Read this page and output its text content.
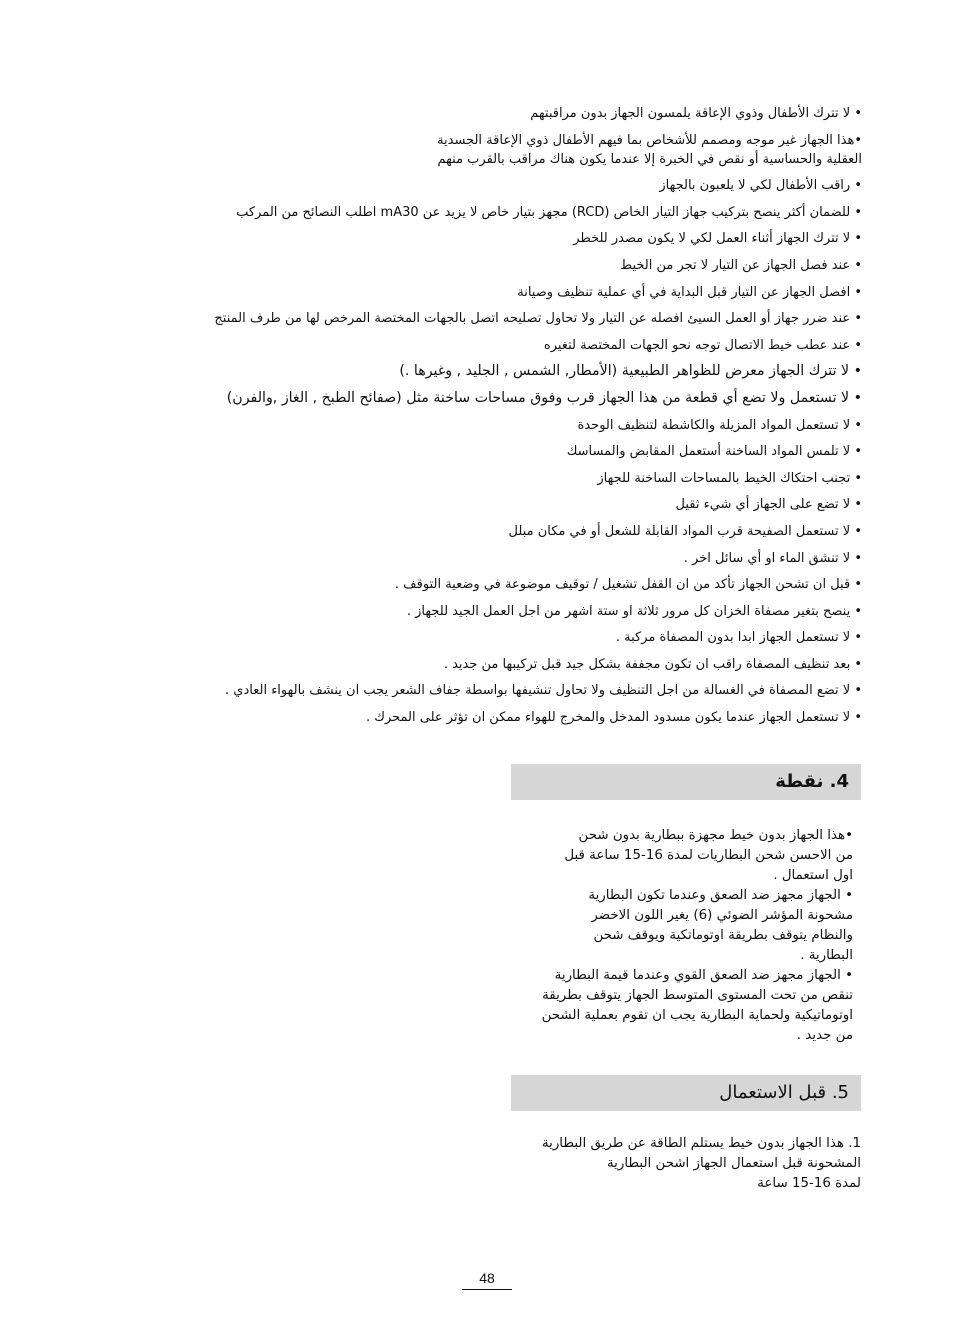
• لا تترك الأطفال وذوي الإعاقة يلمسون الجهاز بدون مراقبتهم
•هذا الجهاز غير موجه ومصمم للأشخاص بما فيهم الأطفال ذوي الإعاقة الجسدية
العقلية والحساسية أو نقص في الخبرة إلا عندما يكون هناك مراقب بالقرب منهم
• راقب الأطفال لكي لا يلعبون بالجهاز
• للضمان أكثر ينصح بتركيب جهاز التيار الخاص (RCD) مجهز بتيار خاص لا يزيد عن mA30 اطلب النصائح من المركب
• لا تترك الجهاز أثناء العمل لكي لا يكون مصدر للخطر
• عند فصل الجهاز عن التيار لا تجر من الخيط
• افصل الجهاز عن التيار قبل البداية في أي عملية تنظيف وصيانة
• عند ضرر جهاز أو العمل السيئ افصله عن التيار ولا تحاول تصليحه اتصل بالجهات المختصة المرخص لها من طرف المنتج
• عند عطب خيط الاتصال توجه نحو الجهات المختصة لتغيره
• لا تترك الجهاز معرض للظواهر الطبيعية (الأمطار, الشمس , الجليد , وغيرها .)
• لا تستعمل ولا تضع أي قطعة من هذا الجهاز قرب وفوق مساحات ساخنة مثل (صفائح الطبخ , الغاز ,والفرن)
• لا تستعمل المواد المزيلة والكاشطة لتنظيف الوحدة
• لا تلمس المواد الساخنة أستعمل المقابض والمساسك
• تجنب احتكاك الخيط بالمساحات الساخنة للجهاز
• لا تضع على الجهاز أي شيء ثقيل
• لا تستعمل الصفيحة قرب المواد القابلة للشعل أو في مكان مبلل
• لا تنشق الماء او أي سائل اخر .
• قبل ان تشحن الجهاز تأكد من ان القفل تشغيل / توقيف موضوعة في وضعية التوقف .
• ينصح بتغير مصفاة الخزان كل مرور ثلاثة او ستة اشهر من اجل العمل الجيد للجهاز .
• لا تستعمل الجهاز ابدا بدون المصفاة مركبة .
• بعد تنظيف المصفاة راقب ان تكون مجففة بشكل جيد قبل تركيبها من جديد .
• لا تضع المصفاة في الغسالة من اجل التنظيف ولا تحاول تنشيفها بواسطة جفاف الشعر يجب ان ينشف بالهواء العادي .
• لا تستعمل الجهاز عندما يكون مسدود المدخل والمخرج للهواء ممكن ان تؤثر على المحرك .
4. نقطة
•هذا الجهاز بدون خيط مجهزة ببطارية بدون شحن
من الاحسن شحن البطاريات لمدة 16-15 ساعة قبل
اول استعمال .
• الجهاز مجهز ضد الصعق وعندما تكون البطارية
مشحونة المؤشر الضوئي (6) يغير اللون الاخضر
والنظام يتوقف بطريقة اوتوماتكية ويوقف شحن
البطارية .
• الجهاز مجهز ضد الصعق القوي وعندما قيمة البطارية
تنقص من تحت المستوى المتوسط الجهاز يتوقف بطريقة
اوتوماتيكية ولحماية البطارية يجب ان تقوم بعملية الشحن
من جديد .
5. قبل الاستعمال
1. هذا الجهاز بدون خيط يستلم الطاقة عن طريق البطارية
المشحونة قبل استعمال الجهاز اشحن البطارية
لمدة 16-15 ساعة
48
